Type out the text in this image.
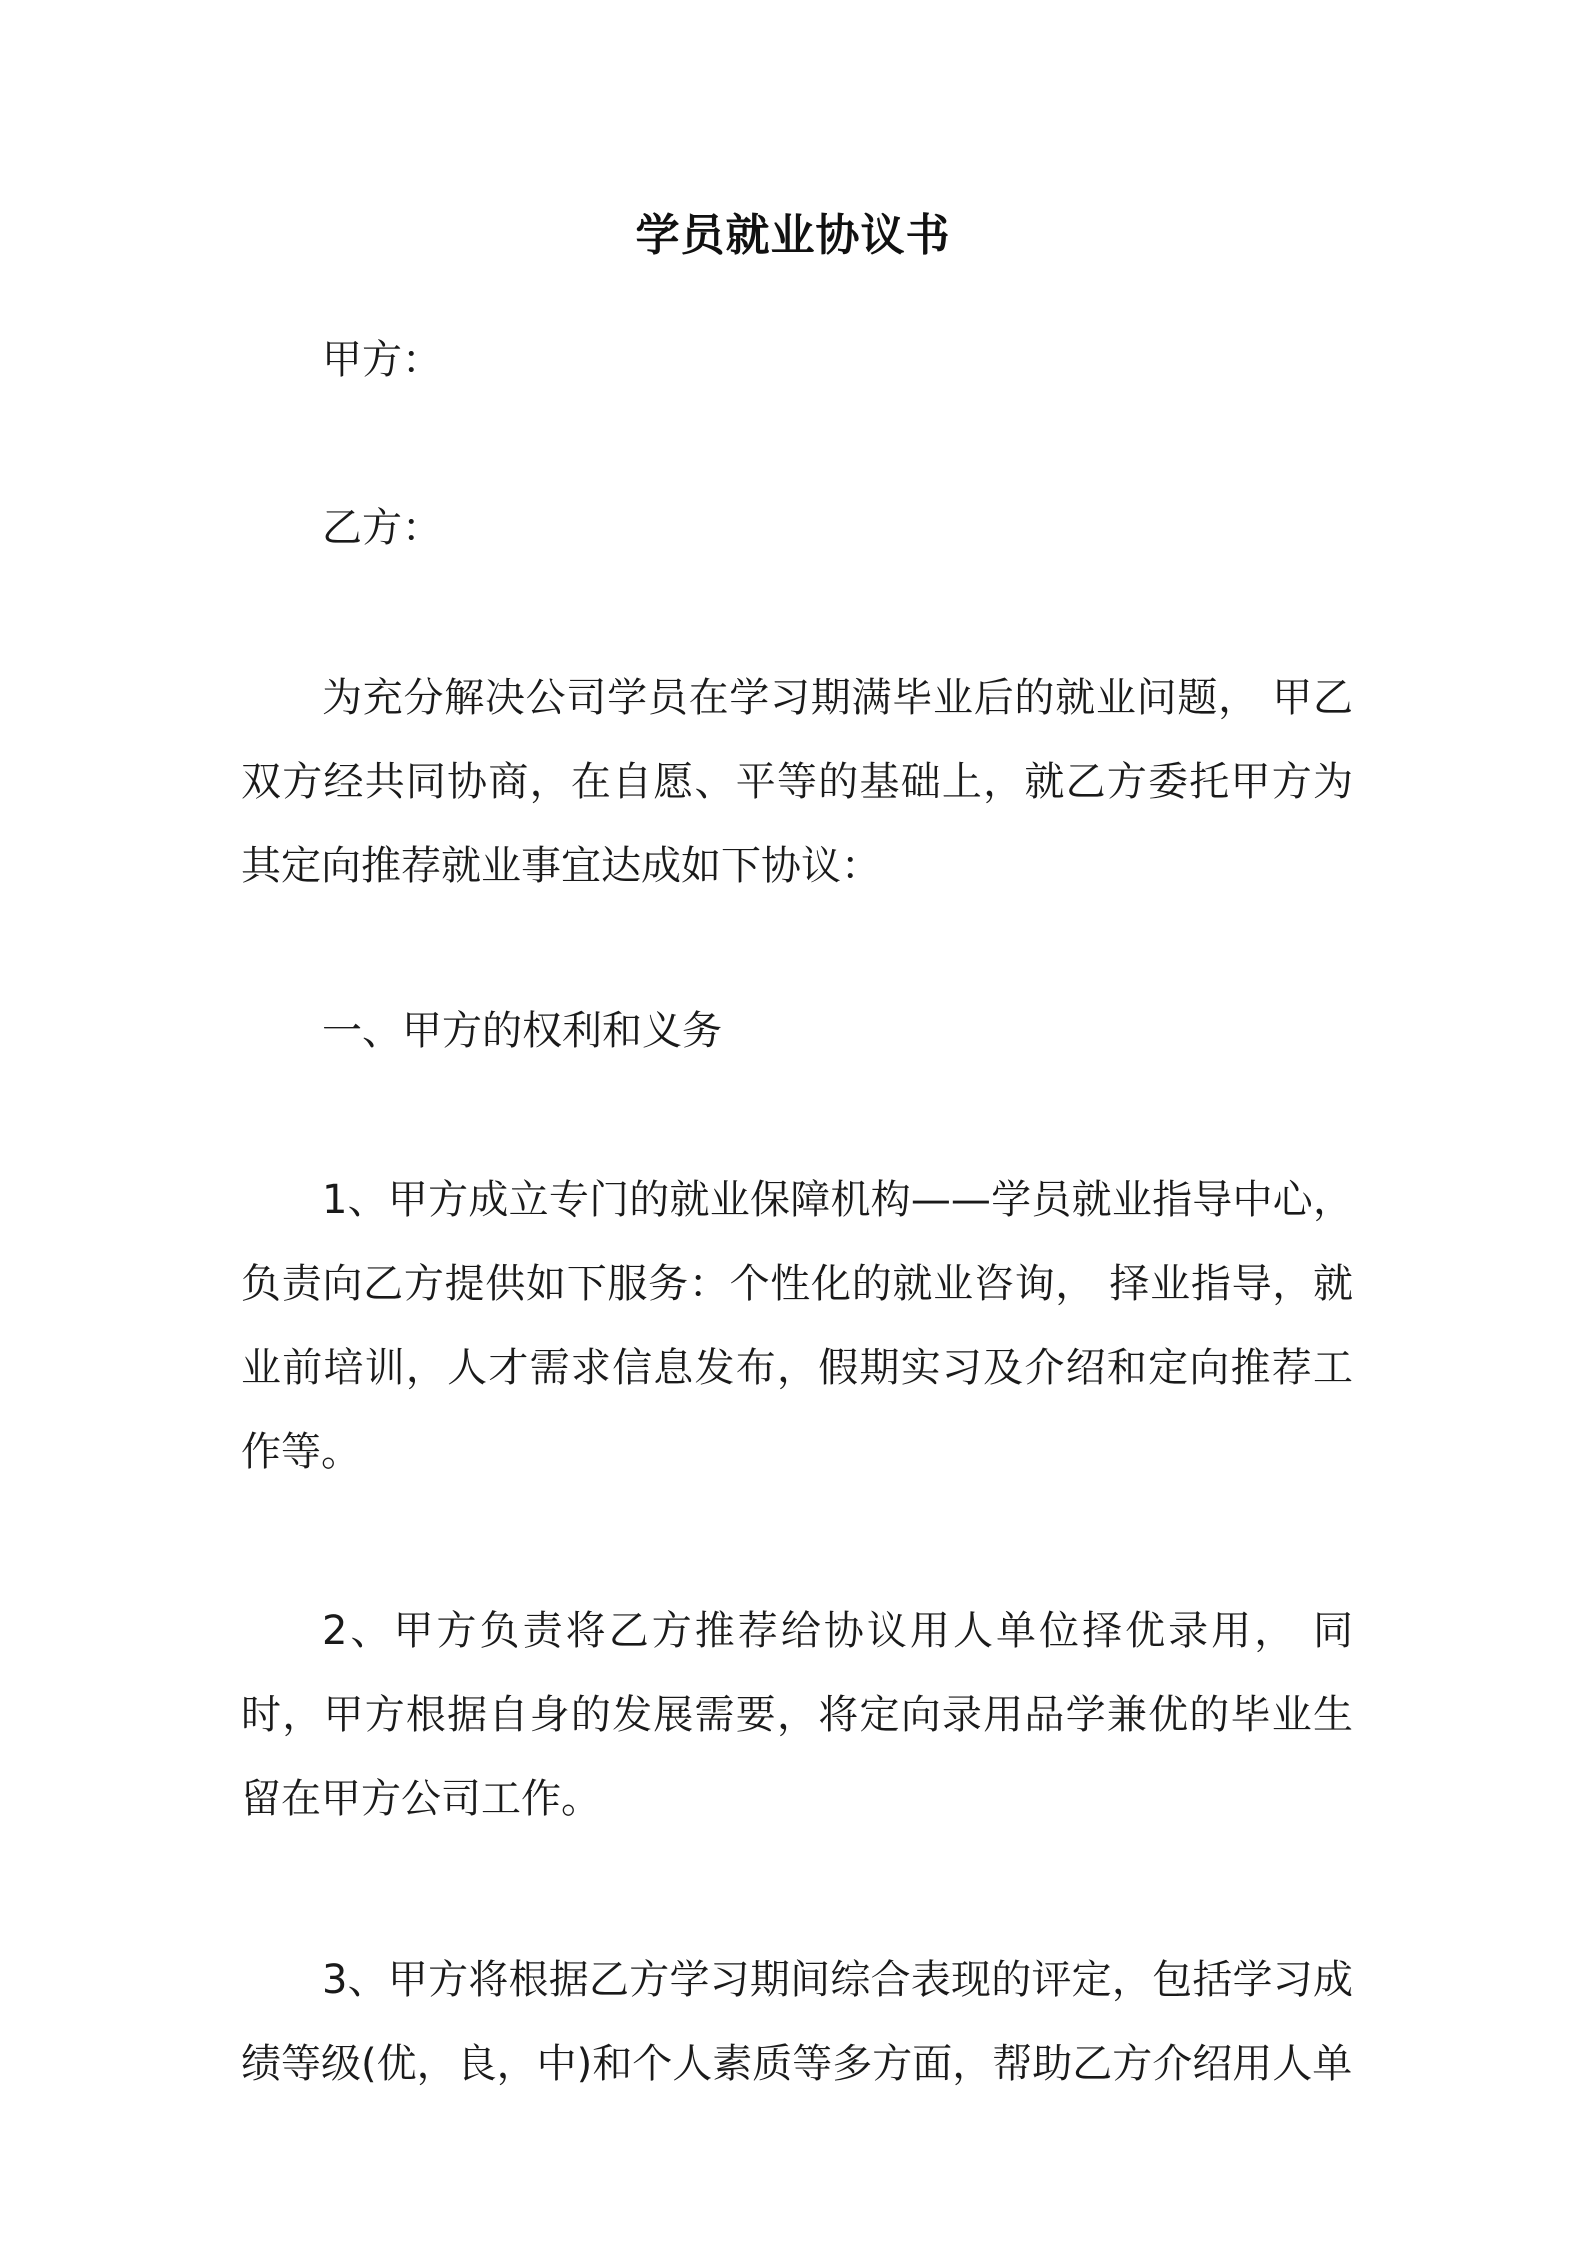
学员就业协议书

甲方：

乙方：

为充分解决公司学员在学习期满毕业后的就业问题， 甲乙双方经共同协商，在自愿、平等的基础上，就乙方委托甲方为其定向推荐就业事宜达成如下协议：

一、甲方的权利和义务

1、甲方成立专门的就业保障机构——学员就业指导中心，负责向乙方提供如下服务：个性化的就业咨询， 择业指导，就业前培训，人才需求信息发布，假期实习及介绍和定向推荐工作等。

2、甲方负责将乙方推荐给协议用人单位择优录用， 同时，甲方根据自身的发展需要，将定向录用品学兼优的毕业生留在甲方公司工作。

3、甲方将根据乙方学习期间综合表现的评定，包括学习成绩等级(优，良，中)和个人素质等多方面，帮助乙方介绍用人单
